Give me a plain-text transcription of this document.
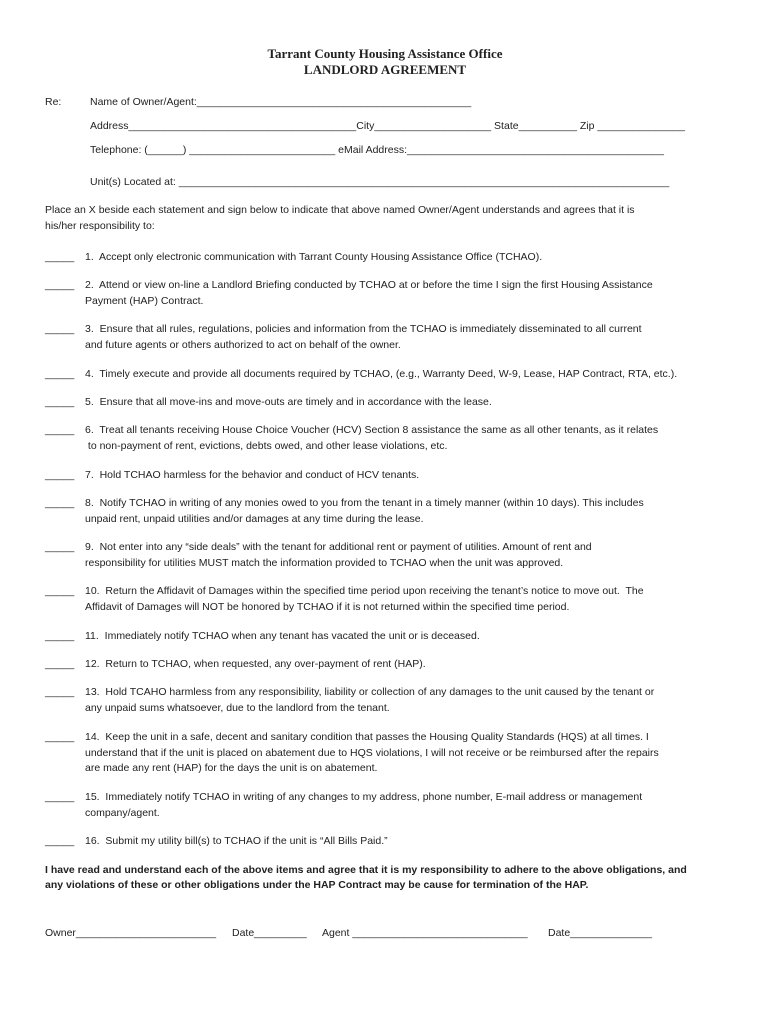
Tarrant County Housing Assistance Office
LANDLORD AGREEMENT
Re:	Name of Owner/Agent:_______________________________________________
Address_______________________________________City____________________ State__________ Zip _______________
Telephone: (______) _________________________ eMail Address:____________________________________________
Unit(s) Located at: ____________________________________________________________________________________
Place an X beside each statement and sign below to indicate that above named Owner/Agent understands and agrees that it is
his/her responsibility to:
_____ 1.  Accept only electronic communication with Tarrant County Housing Assistance Office (TCHAO).
_____ 2.  Attend or view on-line a Landlord Briefing conducted by TCHAO at or before the time I sign the first Housing Assistance
Payment (HAP) Contract.
_____ 3.  Ensure that all rules, regulations, policies and information from the TCHAO is immediately disseminated to all current
and future agents or others authorized to act on behalf of the owner.
_____ 4.  Timely execute and provide all documents required by TCHAO, (e.g., Warranty Deed, W-9, Lease, HAP Contract, RTA, etc.).
_____ 5.  Ensure that all move-ins and move-outs are timely and in accordance with the lease.
_____ 6.  Treat all tenants receiving House Choice Voucher (HCV) Section 8 assistance the same as all other tenants, as it relates
to non-payment of rent, evictions, debts owed, and other lease violations, etc.
_____ 7.  Hold TCHAO harmless for the behavior and conduct of HCV tenants.
_____ 8.  Notify TCHAO in writing of any monies owed to you from the tenant in a timely manner (within 10 days). This includes
unpaid rent, unpaid utilities and/or damages at any time during the lease.
_____ 9.  Not enter into any “side deals” with the tenant for additional rent or payment of utilities. Amount of rent and
responsibility for utilities MUST match the information provided to TCHAO when the unit was approved.
_____ 10.  Return the Affidavit of Damages within the specified time period upon receiving the tenant’s notice to move out.  The
Affidavit of Damages will NOT be honored by TCHAO if it is not returned within the specified time period.
_____ 11.  Immediately notify TCHAO when any tenant has vacated the unit or is deceased.
_____ 12.  Return to TCHAO, when requested, any over-payment of rent (HAP).
_____ 13.  Hold TCAHO harmless from any responsibility, liability or collection of any damages to the unit caused by the tenant or
any unpaid sums whatsoever, due to the landlord from the tenant.
_____ 14.  Keep the unit in a safe, decent and sanitary condition that passes the Housing Quality Standards (HQS) at all times. I
understand that if the unit is placed on abatement due to HQS violations, I will not receive or be reimbursed after the repairs
are made any rent (HAP) for the days the unit is on abatement.
_____ 15.  Immediately notify TCHAO in writing of any changes to my address, phone number, E-mail address or management
company/agent.
_____ 16.  Submit my utility bill(s) to TCHAO if the unit is “All Bills Paid.”
I have read and understand each of the above items and agree that it is my responsibility to adhere to the above obligations, and
any violations of these or other obligations under the HAP Contract may be cause for termination of the HAP.
Owner________________________ Date_________ Agent ______________________________ Date______________
